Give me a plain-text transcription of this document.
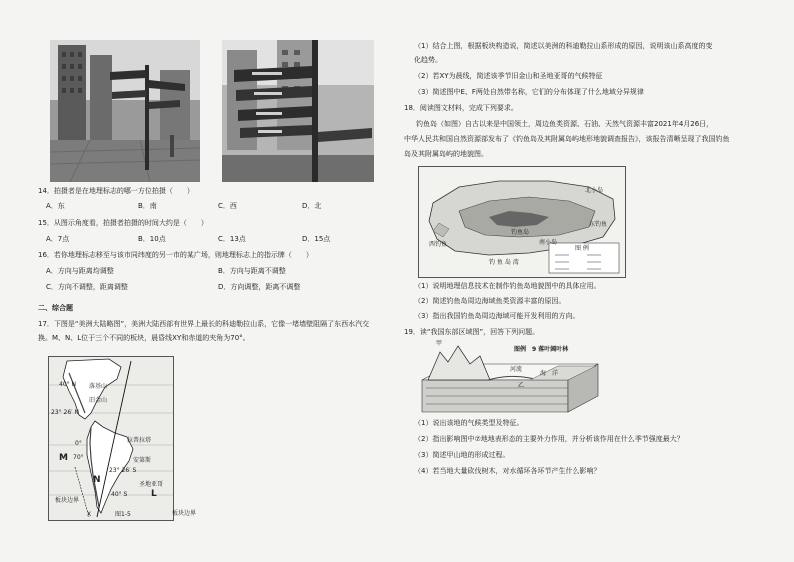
14．拍摄者是在地理标志的哪一方位拍摄（　　）
A．东	B．南	C．西	D．北
15．从图示角度看，拍摄者拍摄的时间大约是（　　）
A．7点	B．10点	C．13点	D．15点
16．若你地理标志移至与该市同纬度的另一市的某广场，则地理标志上的指示牌（　　）
A．方向与距离均调整	B．方向与距离不调整
C．方向不调整，距离调整	D．方向调整，距离不调整
二、综合题
17．下图是“美洲大陆略图”，美洲大陆西部有世界上最长的科迪勒拉山系，它像一堵墙壁阻隔了东西水汽交
换。M、N、L位于三个不同的板块，晨昏线XY和赤道的夹角为70°。
40° N
23° 26′ N
0°
23° 26′ S
40° S
M 70°
N
L
落基山
旧金山
拉普拉塔
安第斯
圣地亚哥
板块边界
X	图1-5	板块边界
（1）结合上图，根据板块构造说，简述以美洲的科迪勒拉山系形成的原因，说明该山系高度的变
化趋势。
（2）若XY为晨线，简述该季节旧金山和圣地亚哥的气候特征
（3）简述图中E、F两处自然带名称，它们的分布体现了什么地域分异规律
18．阅读图文材料，完成下列要求。
钓鱼岛（如图）自古以来是中国领土，周边鱼类资源、石油、天然气资源丰富2021年4月26日，
中华人民共和国自然资源部发布了《钓鱼岛及其附属岛屿地形地貌调查报告》，该报告清晰呈现了我国钓鱼
岛及其附属岛屿的地貌图。
西钓鱼
钓鱼岛
东钓鱼
北小岛
南小岛
图 例
钓 鱼 岛 湾
（1）说明地理信息技术在制作钓鱼岛地貌图中的具体应用。
（2）简述钓鱼岛周边海域鱼类资源丰富的原因。
（3）指出我国钓鱼岛周边海域可能开发利用的方向。
19．读“我国东部区域图”，回答下列问题。
甲
图例　9 落叶阔叶林
河流
海　洋
乙
（1）说出该地的气候类型及特征。
（2）指出影响图中⑦地地表形态的主要外力作用，并分析该作用在什么季节强度最大？
（3）简述甲山地的形成过程。
（4）若当地大量砍伐树木，对水循环各环节产生什么影响？
